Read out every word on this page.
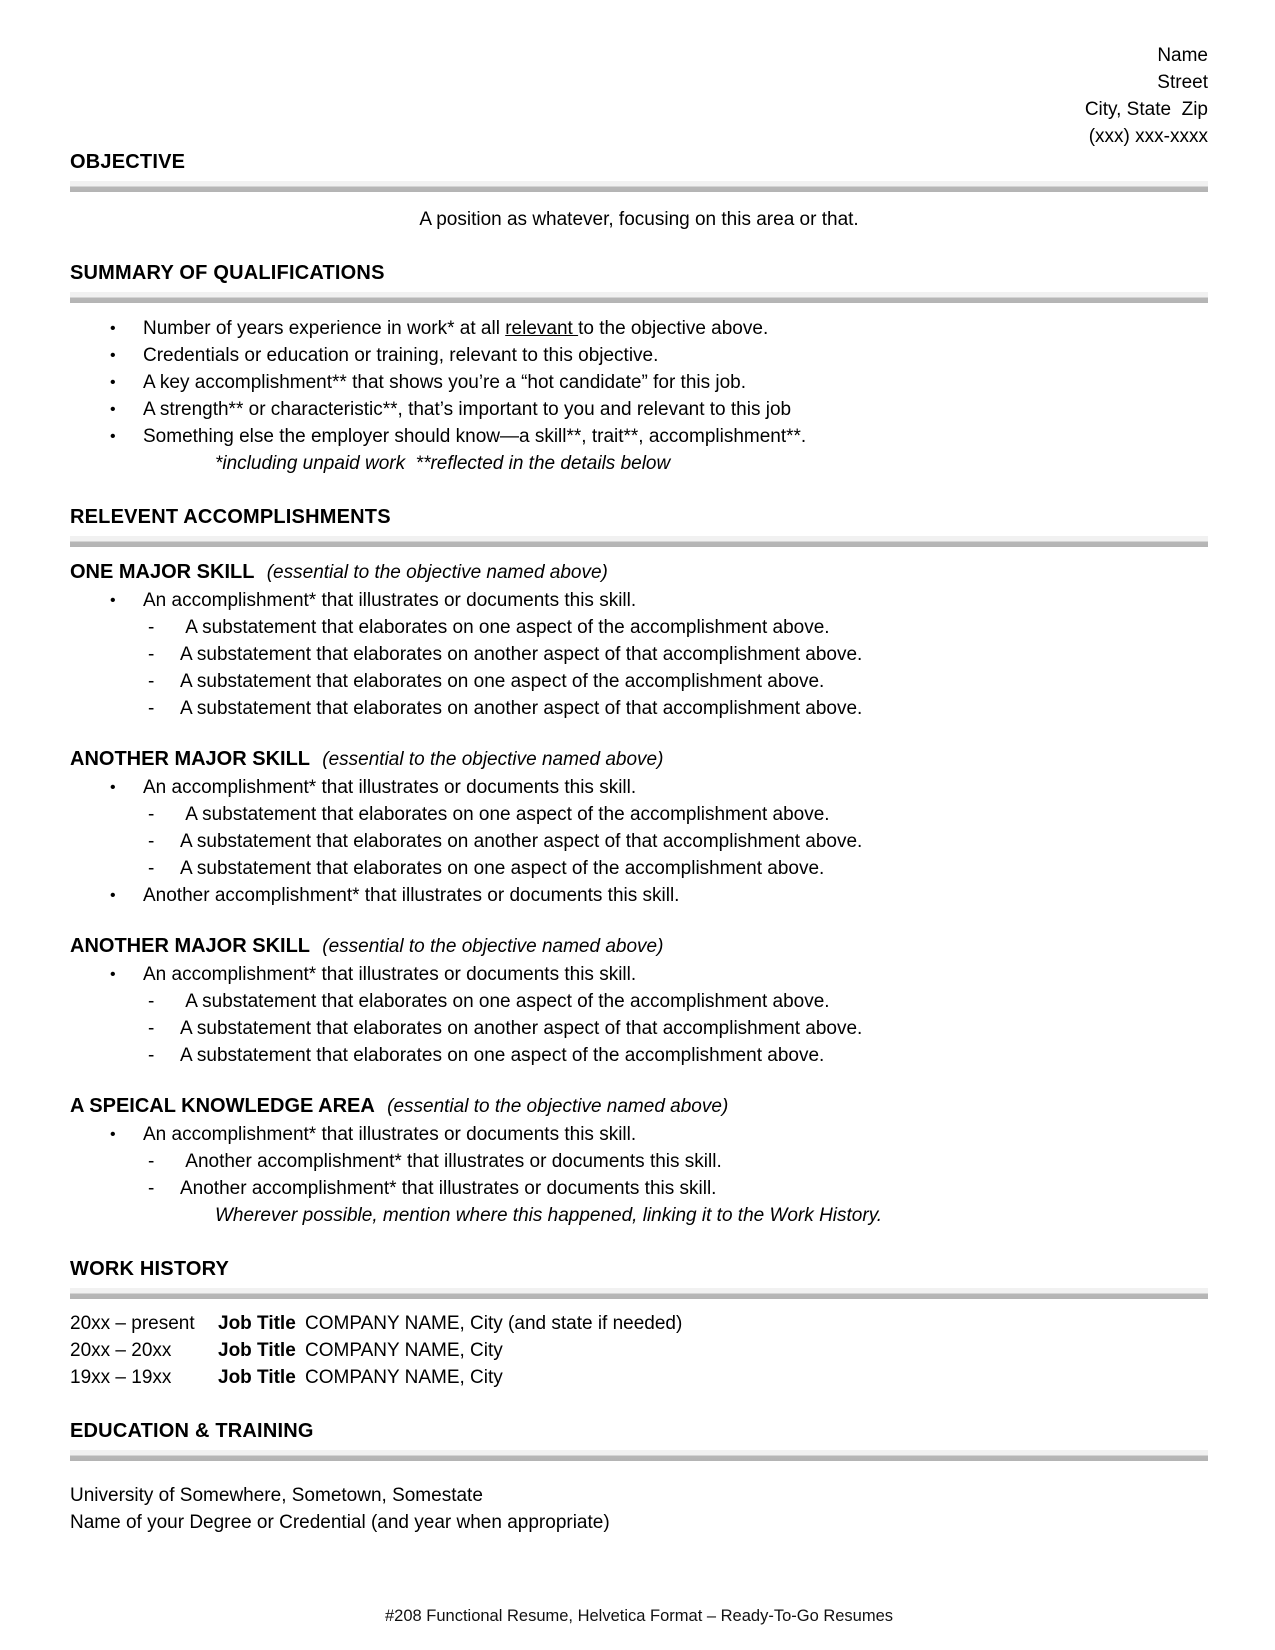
Name
Street
City, State  Zip
(xxx) xxx-xxxx
OBJECTIVE
A position as whatever, focusing on this area or that.
SUMMARY OF QUALIFICATIONS
•	Number of years experience in work* at all relevant to the objective above.
•	Credentials or education or training, relevant to this objective.
•	A key accomplishment** that shows you’re a “hot candidate” for this job.
•	A strength** or characteristic**, that’s important to you and relevant to this job
•	Something else the employer should know—a skill**, trait**, accomplishment**.
*including unpaid work  **reflected in the details below
RELEVENT ACCOMPLISHMENTS
ONE MAJOR SKILL (essential to the objective named above)
•	An accomplishment* that illustrates or documents this skill.
-	A substatement that elaborates on one aspect of the accomplishment above.
-	A substatement that elaborates on another aspect of that accomplishment above.
-	A substatement that elaborates on one aspect of the accomplishment above.
-	A substatement that elaborates on another aspect of that accomplishment above.
ANOTHER MAJOR SKILL (essential to the objective named above)
•	An accomplishment* that illustrates or documents this skill.
-	A substatement that elaborates on one aspect of the accomplishment above.
-	A substatement that elaborates on another aspect of that accomplishment above.
-	A substatement that elaborates on one aspect of the accomplishment above.
•	Another accomplishment* that illustrates or documents this skill.
ANOTHER MAJOR SKILL (essential to the objective named above)
•	An accomplishment* that illustrates or documents this skill.
-	A substatement that elaborates on one aspect of the accomplishment above.
-	A substatement that elaborates on another aspect of that accomplishment above.
-	A substatement that elaborates on one aspect of the accomplishment above.
A SPEICAL KNOWLEDGE AREA (essential to the objective named above)
•	An accomplishment* that illustrates or documents this skill.
-	Another accomplishment* that illustrates or documents this skill.
-	Another accomplishment* that illustrates or documents this skill.
Wherever possible, mention where this happened, linking it to the Work History.
WORK HISTORY
20xx – present	Job Title COMPANY NAME, City (and state if needed)
20xx – 20xx	Job Title COMPANY NAME, City
19xx – 19xx	Job Title COMPANY NAME, City
EDUCATION & TRAINING
University of Somewhere, Sometown, Somestate
Name of your Degree or Credential (and year when appropriate)
#208 Functional Resume, Helvetica Format – Ready-To-Go Resumes
